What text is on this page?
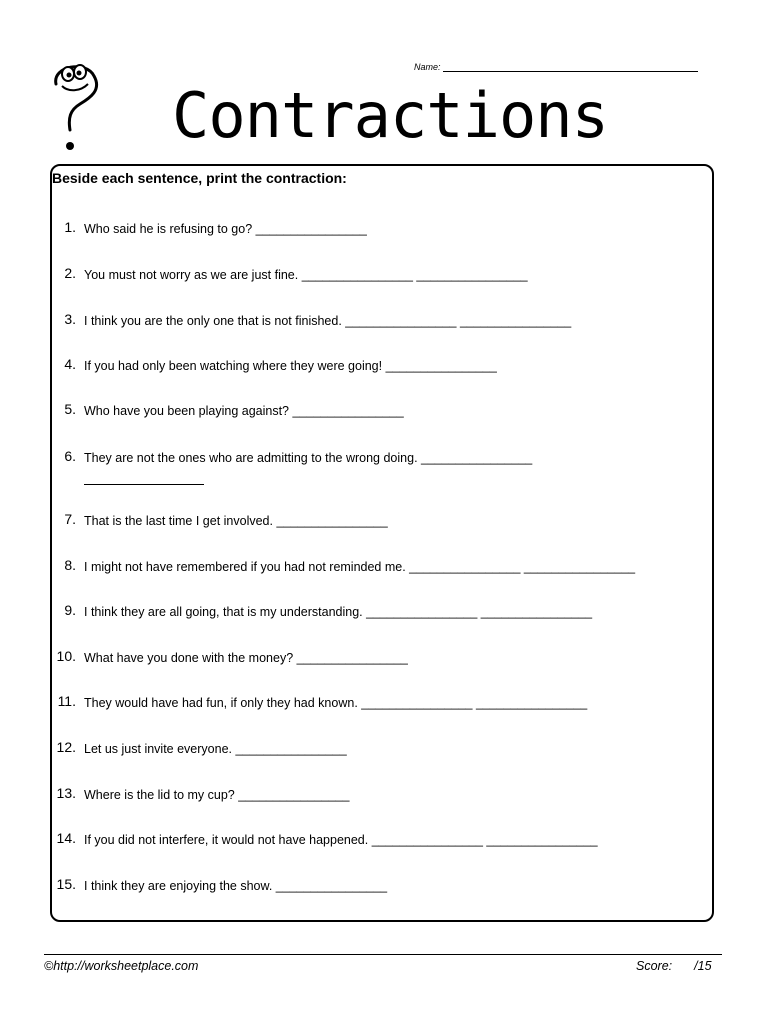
Name:
Contractions
Beside each sentence, print the contraction:
1. Who said he is refusing to go? ________________
2. You must not worry as we are just fine. ________________ ________________
3. I think you are the only one that is not finished. ________________ ________________
4. If you had only been watching where they were going! ________________
5. Who have you been playing against? ________________
6. They are not the ones who are admitting to the wrong doing. ________________
7. That is the last time I get involved. ________________
8. I might not have remembered if you had not reminded me. ________________ ________________
9. I think they are all going, that is my understanding. ________________ ________________
10. What have you done with the money? ________________
11. They would have had fun, if only they had known. ________________ ________________
12. Let us just invite everyone. ________________
13. Where is the lid to my cup? ________________
14. If you did not interfere, it would not have happened. ________________ ________________
15. I think they are enjoying the show. ________________
©http://worksheetplace.com	Score: /15
